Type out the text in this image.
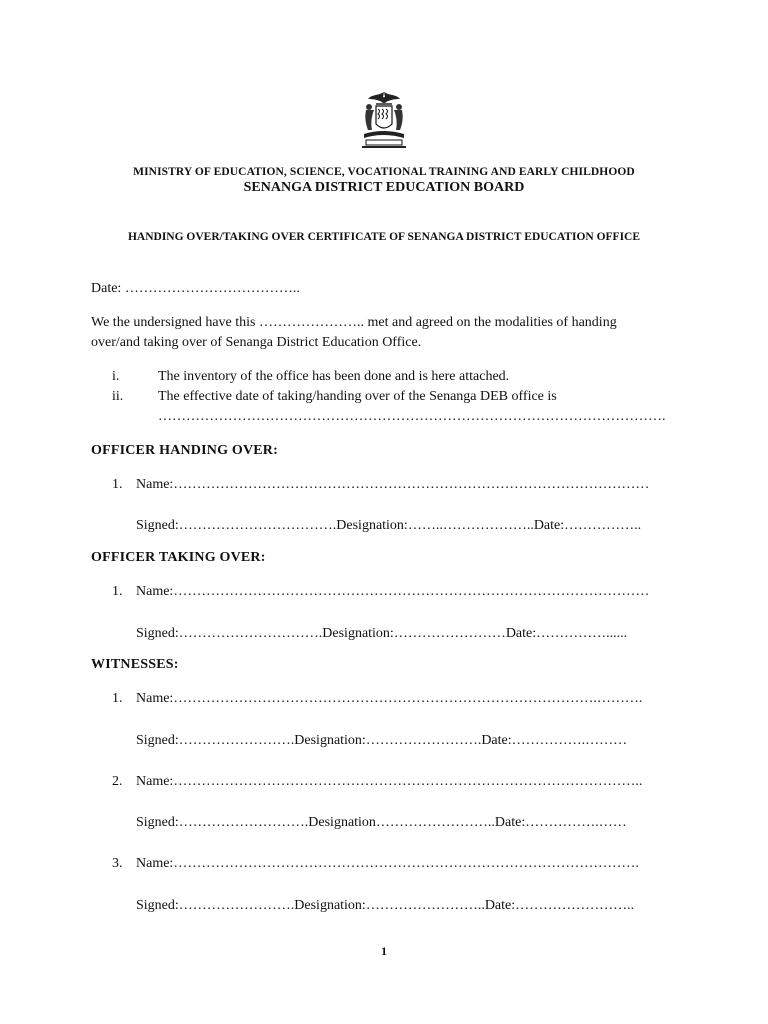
MINISTRY OF EDUCATION, SCIENCE, VOCATIONAL TRAINING AND EARLY CHILDHOOD
SENANGA DISTRICT EDUCATION BOARD
HANDING OVER/TAKING OVER CERTIFICATE OF SENANGA DISTRICT EDUCATION OFFICE
Date: ………………………………..
We the undersigned have this ………………….. met and agreed on the modalities of handing
over/and taking over of Senanga District Education Office.
i.	The inventory of the office has been done and is here attached.
ii. The effective date of taking/handing over of the Senanga DEB office is
……………………………………………………………………………………………….
OFFICER HANDING OVER:
1. Name:…………………………………………………………………………………………
Signed:…………………………….Designation:……..………………..Date:……………..
OFFICER TAKING OVER:
1. Name:…………………………………………………………………………………………
Signed:………………………….Designation:……………………Date:……………......
WITNESSES:
1. Name:……………………………………………………………………………….……….
Signed:…………………….Designation:…………………….Date:…………….………
2. Name:………………………………………………………………………………………..
Signed:……………………….Designation……………………..Date:…………….……
3. Name:……………………………………………………………………………………….
Signed:…………………….Designation:……………………..Date:……………………..
1
